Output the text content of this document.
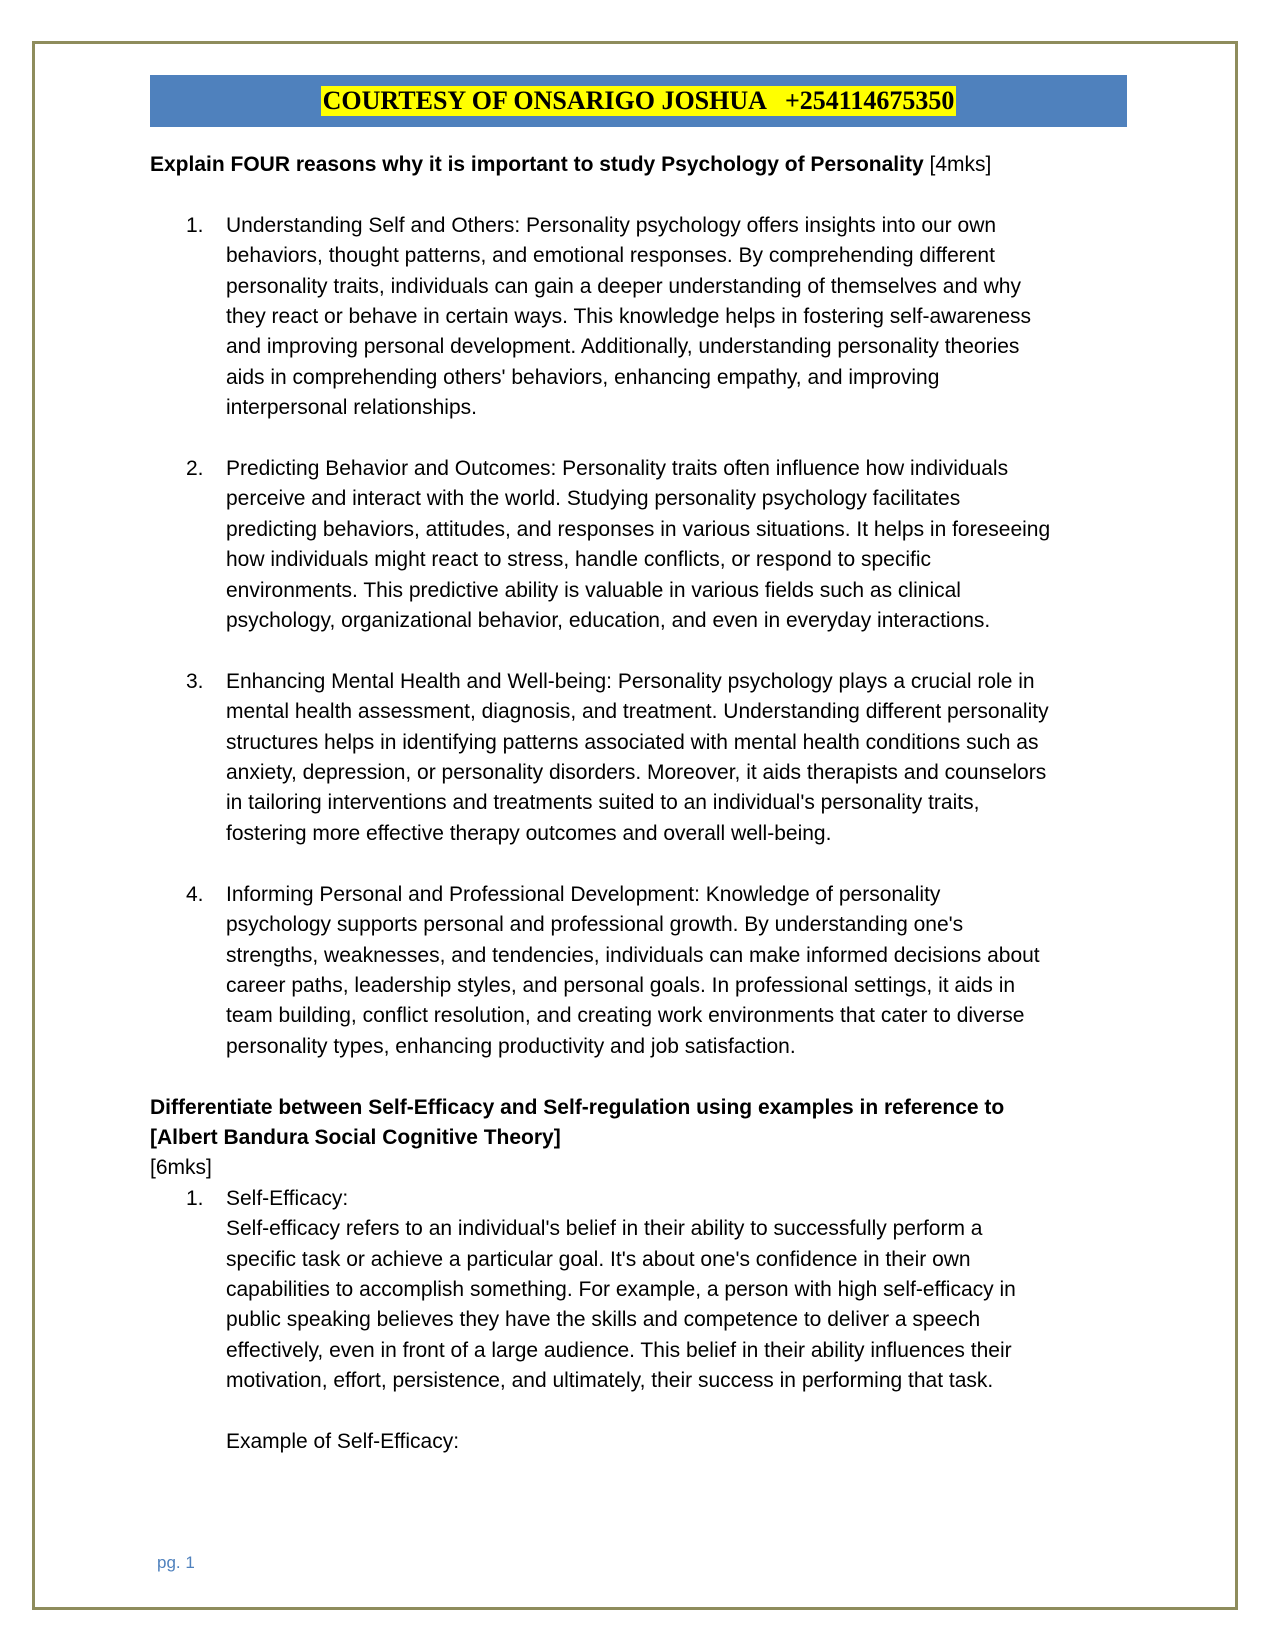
COURTESY OF ONSARIGO JOSHUA   +254114675350

Explain FOUR reasons why it is important to study Psychology of Personality [4mks]

1. Understanding Self and Others: Personality psychology offers insights into our own
behaviors, thought patterns, and emotional responses. By comprehending different
personality traits, individuals can gain a deeper understanding of themselves and why
they react or behave in certain ways. This knowledge helps in fostering self-awareness
and improving personal development. Additionally, understanding personality theories
aids in comprehending others' behaviors, enhancing empathy, and improving
interpersonal relationships.
2. Predicting Behavior and Outcomes: Personality traits often influence how individuals
perceive and interact with the world. Studying personality psychology facilitates
predicting behaviors, attitudes, and responses in various situations. It helps in foreseeing
how individuals might react to stress, handle conflicts, or respond to specific
environments. This predictive ability is valuable in various fields such as clinical
psychology, organizational behavior, education, and even in everyday interactions.
3. Enhancing Mental Health and Well-being: Personality psychology plays a crucial role in
mental health assessment, diagnosis, and treatment. Understanding different personality
structures helps in identifying patterns associated with mental health conditions such as
anxiety, depression, or personality disorders. Moreover, it aids therapists and counselors
in tailoring interventions and treatments suited to an individual's personality traits,
fostering more effective therapy outcomes and overall well-being.
4. Informing Personal and Professional Development: Knowledge of personality
psychology supports personal and professional growth. By understanding one's
strengths, weaknesses, and tendencies, individuals can make informed decisions about
career paths, leadership styles, and personal goals. In professional settings, it aids in
team building, conflict resolution, and creating work environments that cater to diverse
personality types, enhancing productivity and job satisfaction.
Differentiate between Self-Efficacy and Self-regulation using examples in reference to
[Albert Bandura Social Cognitive Theory]
[6mks]
1. Self-Efficacy:
Self-efficacy refers to an individual's belief in their ability to successfully perform a
specific task or achieve a particular goal. It's about one's confidence in their own
capabilities to accomplish something. For example, a person with high self-efficacy in
public speaking believes they have the skills and competence to deliver a speech
effectively, even in front of a large audience. This belief in their ability influences their
motivation, effort, persistence, and ultimately, their success in performing that task.
Example of Self-Efficacy:
pg. 1
